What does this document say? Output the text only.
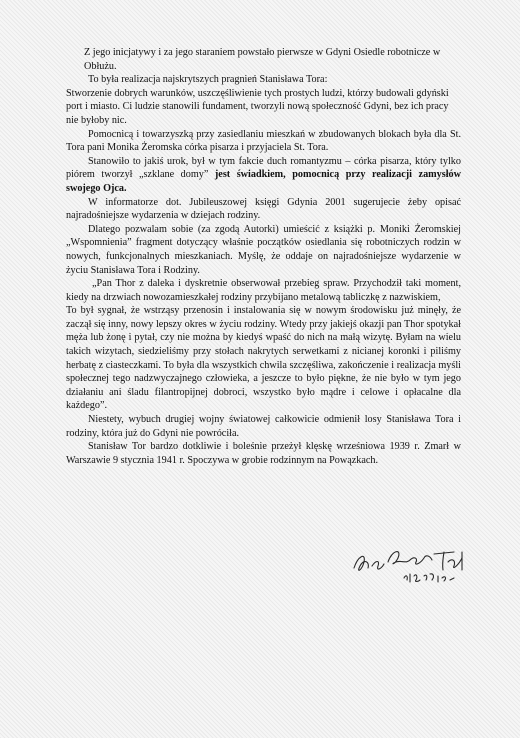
Z jego inicjatywy i za jego staraniem powstało pierwsze w Gdyni Osiedle robotnicze w Obłużu.

To była realizacja najskrytszych pragnień Stanisława Tora:

Stworzenie dobrych warunków, uszczęśliwienie tych prostych ludzi, którzy budowali gdyński port i miasto. Ci ludzie stanowili fundament, tworzyli nową społeczność Gdyni, bez ich pracy nie byłoby nic.

Pomocnicą i towarzyszką przy zasiedlaniu mieszkań w zbudowanych blokach była dla St. Tora pani Monika Żeromska córka pisarza i przyjaciela St. Tora.

Stanowiło to jakiś urok, był w tym fakcie duch romantyzmu – córka pisarza, który tylko piórem tworzył „szklane domy” jest świadkiem, pomocnicą przy realizacji zamysłów swojego Ojca.

W informatorze dot. Jubileuszowej księgi Gdynia 2001 sugerujecie żeby opisać najradośniejsze wydarzenia w dziejach rodziny.

Dlatego pozwalam sobie (za zgodą Autorki) umieścić z książki p. Moniki Żeromskiej „Wspomnienia” fragment dotyczący właśnie początków osiedlania się robotniczych rodzin w nowych, funkcjonalnych mieszkaniach. Myślę, że oddaje on najradośniejsze wydarzenie w życiu Stanisława Tora i Rodziny.

„Pan Thor z daleka i dyskretnie obserwował przebieg spraw. Przychodził taki moment, kiedy na drzwiach nowozamieszkałej rodziny przybijano metalową tabliczkę z nazwiskiem,

To był sygnał, że wstrząsy przenosin i instalowania się w nowym środowisku już minęły, że zaczął się inny, nowy lepszy okres w życiu rodziny. Wtedy przy jakiejś okazji pan Thor spotykał męża lub żonę i pytał, czy nie można by kiedyś wpaść do nich na małą wizytę. Byłam na wielu takich wizytach, siedzieliśmy przy stołach nakrytych serwetkami z nicianej koronki i piliśmy herbatę z ciasteczkami. To była dla wszystkich chwila szczęśliwa, zakończenie i realizacja myśli społecznej tego nadzwyczajnego człowieka, a jeszcze to było piękne, że nie było w tym jego działaniu ani śladu filantropijnej dobroci, wszystko było mądre i celowe i opłacalne dla każdego”.

Niestety, wybuch drugiej wojny światowej całkowicie odmienił losy Stanisława Tora i rodziny, która już do Gdyni nie powróciła.

Stanisław Tor bardzo dotkliwie i boleśnie przeżył klęskę wrześniowa 1939 r. Zmarł w Warszawie 9 stycznia 1941 r. Spoczywa w grobie rodzinnym na Powązkach.
